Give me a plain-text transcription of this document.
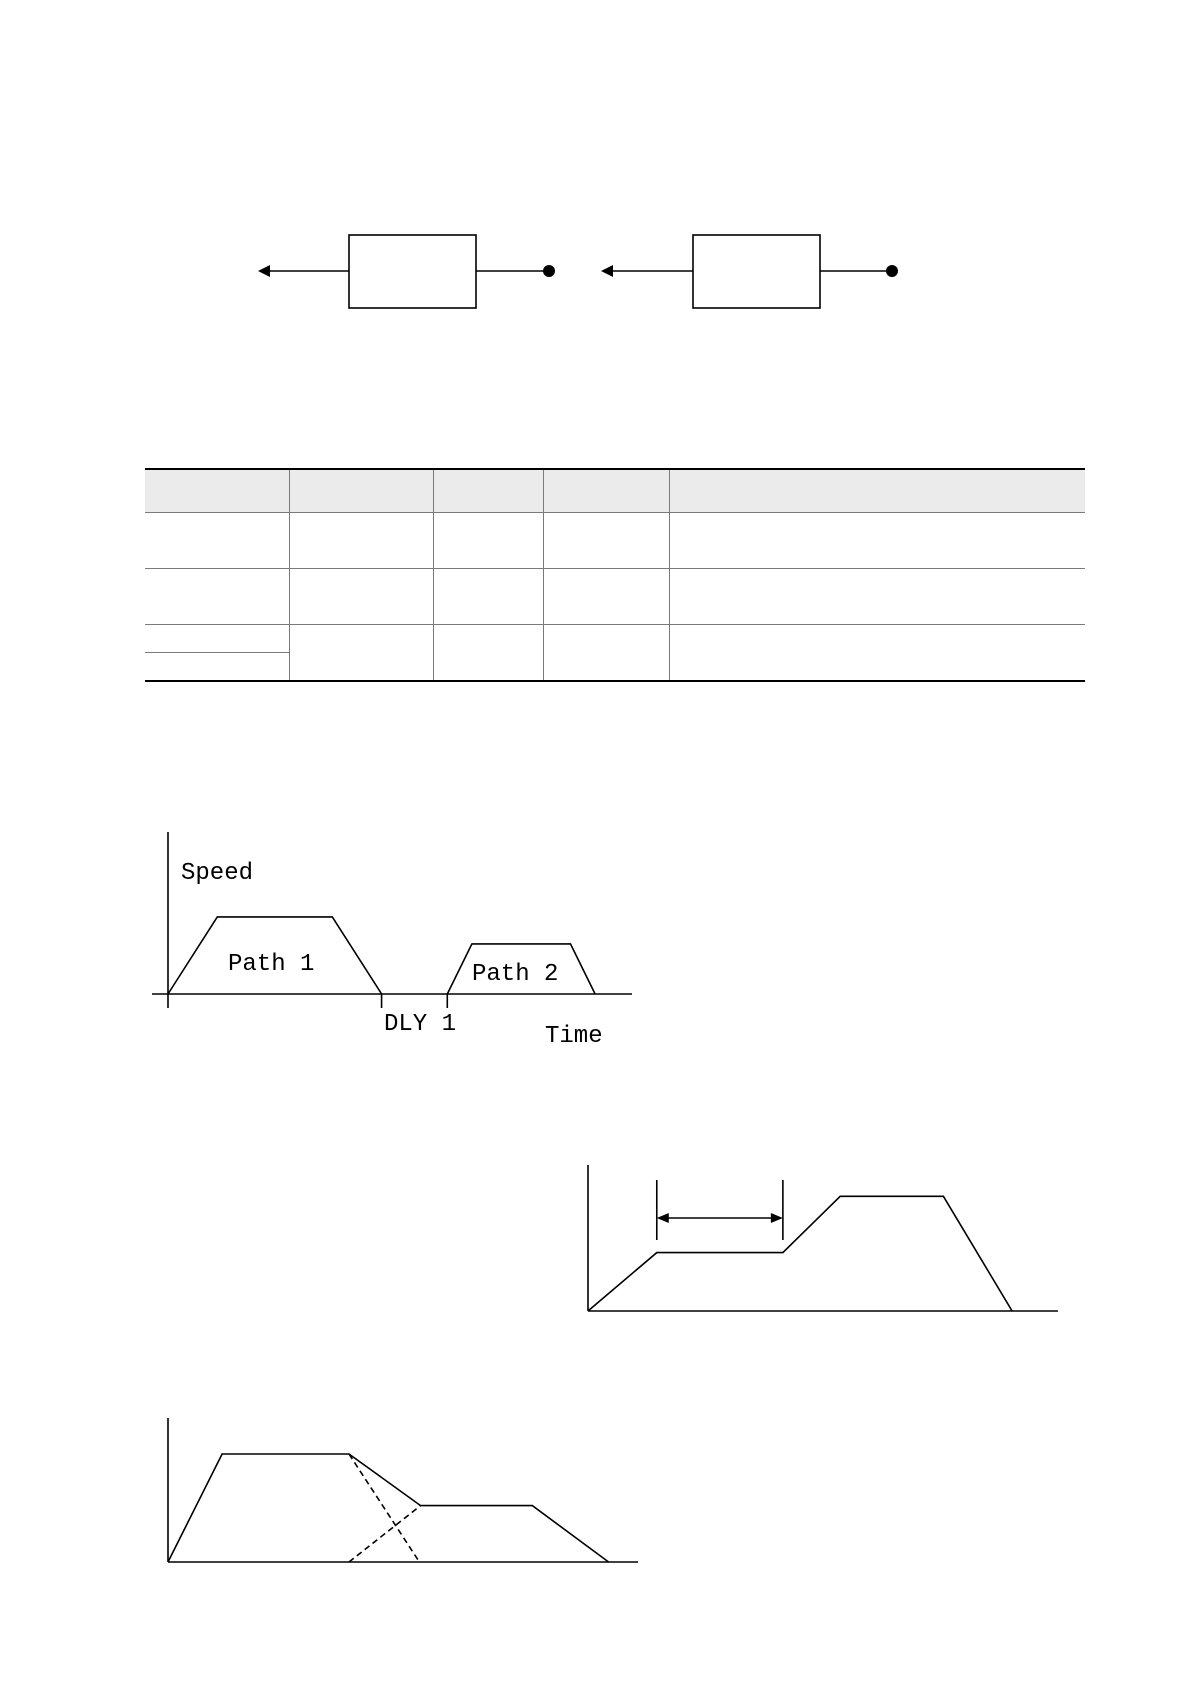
Speed
Time
Path 1	Path 2
DLY 1
